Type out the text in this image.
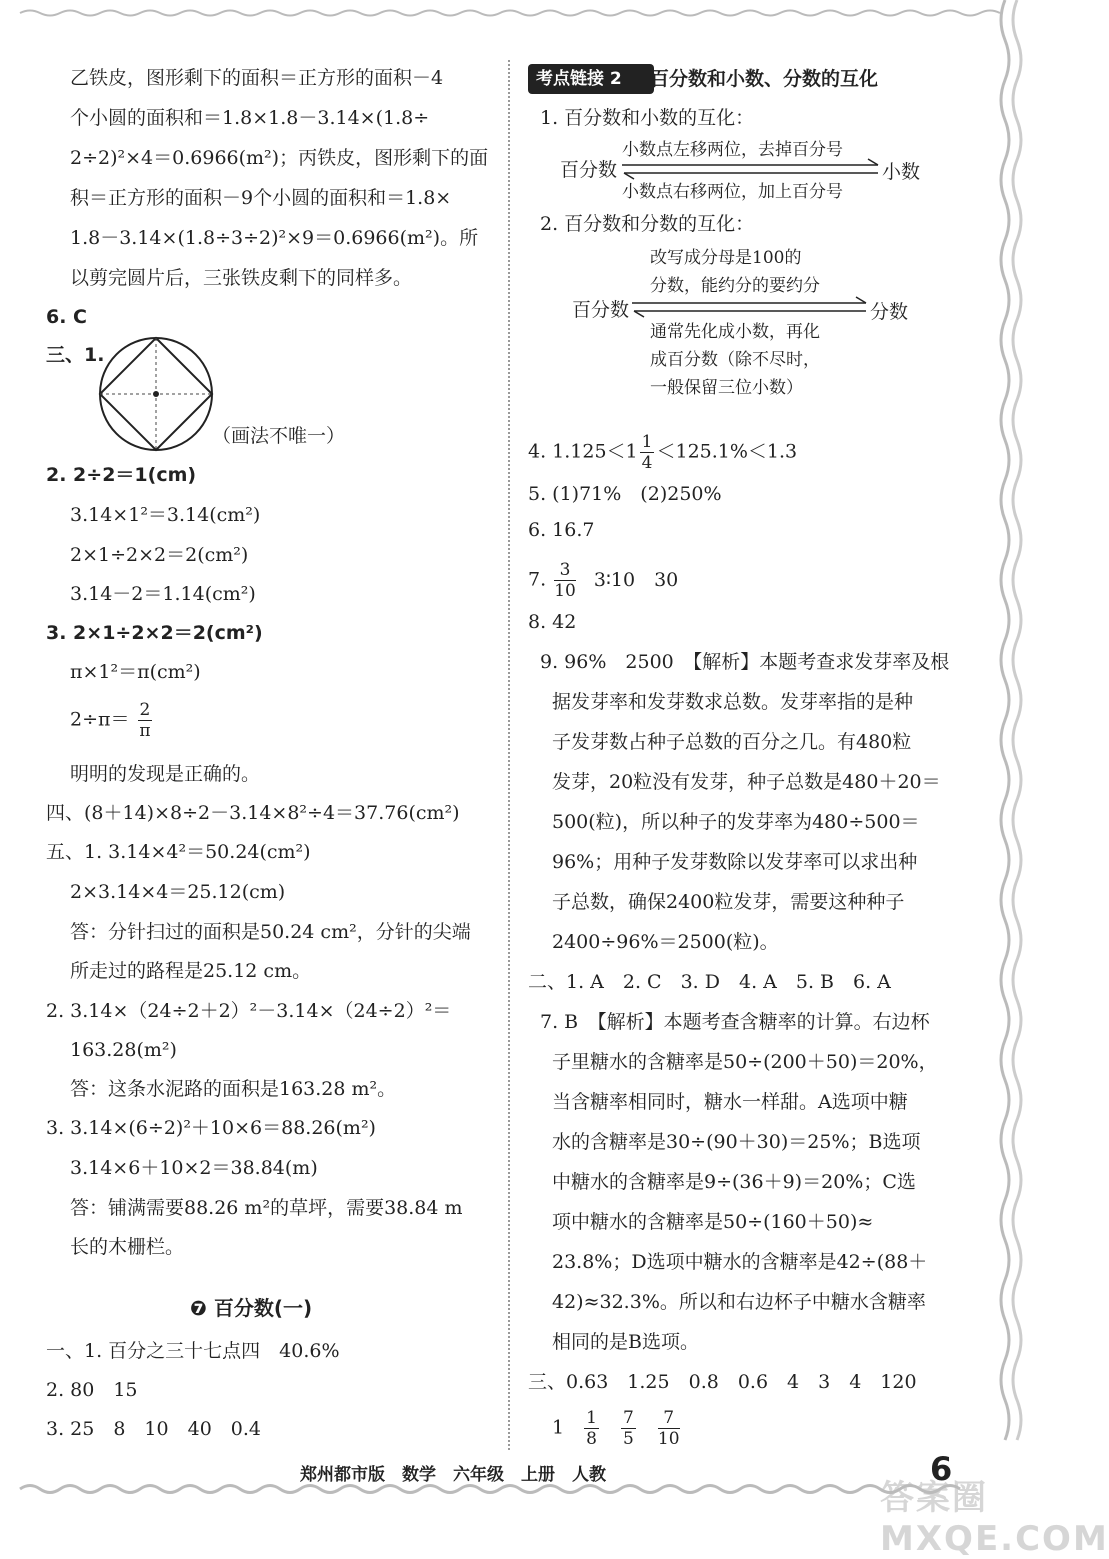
乙铁皮，图形剩下的面积＝正方形的面积－4
个小圆的面积和＝1.8×1.8－3.14×(1.8÷
2÷2)²×4＝0.6966(m²)；丙铁皮，图形剩下的面
积＝正方形的面积－9个小圆的面积和＝1.8×
1.8－3.14×(1.8÷3÷2)²×9＝0.6966(m²)。所
以剪完圆片后，三张铁皮剩下的同样多。
6. C
三、1.
（画法不唯一）
2. 2÷2＝1(cm)
3.14×1²＝3.14(cm²)
2×1÷2×2＝2(cm²)
3.14－2＝1.14(cm²)
3. 2×1÷2×2＝2(cm²)
π×1²＝π(cm²)
$2\div\pi= \frac{2}{\pi}$
明明的发现是正确的。
四、(8＋14)×8÷2－3.14×8²÷4＝37.76(cm²)
五、1. 3.14×4²＝50.24(cm²)
2×3.14×4＝25.12(cm)
答：分针扫过的面积是50.24 cm²，分针的尖端
所走过的路程是25.12 cm。
2. 3.14×（24÷2＋2）²－3.14×（24÷2）²＝
163.28(m²)
答：这条水泥路的面积是163.28 m²。
3. 3.14×(6÷2)²＋10×6＝88.26(m²)
3.14×6＋10×2＝38.84(m)
答：铺满需要88.26 m²的草坪，需要38.84 m
长的木栅栏。
❼ 百分数(一)
一、1. 百分之三十七点四　40.6%
2. 80　15
3. 25　8　10　40　0.4
考点链接 2	百分数和小数、分数的互化
1. 百分数和小数的互化：
百分数
小数点左移两位，去掉百分号
小数点右移两位，加上百分号
小数
2. 百分数和分数的互化：
改写成分母是100的
分数，能约分的要约分
百分数	分数
通常先化成小数，再化
成百分数（除不尽时，
一般保留三位小数）
4. $1.125<1 \frac{1}{4} <125.1\%<1.3$
5. (1)71%　(2)250%
6. 16.7
7. $\frac{3}{10}$ 3∶10　30
8. 42
9. 96%　2500　【解析】本题考查求发芽率及根
据发芽率和发芽数求总数。发芽率指的是种
子发芽数占种子总数的百分之几。有480粒
发芽，20粒没有发芽，种子总数是480＋20＝
500(粒)，所以种子的发芽率为480÷500＝
96%；用种子发芽数除以发芽率可以求出种
子总数，确保2400粒发芽，需要这种种子
2400÷96%＝2500(粒)。
二、1. A　2. C　3. D　4. A　5. B　6. A
7. B　【解析】本题考查含糖率的计算。右边杯
子里糖水的含糖率是50÷(200＋50)＝20%，
当含糖率相同时，糖水一样甜。A选项中糖
水的含糖率是30÷(90＋30)＝25%；B选项
中糖水的含糖率是9÷(36＋9)＝20%；C选
项中糖水的含糖率是50÷(160＋50)≈
23.8%；D选项中糖水的含糖率是42÷(88＋
42)≈32.3%。所以和右边杯子中糖水含糖率
相同的是B选项。
三、0.63　1.25　0.8　0.6　4　3　4　120
$1 \frac{1}{8}$
$\frac{7}{5}$
$\frac{7}{10}$
郑州都市版　数学　六年级　上册　人教
答案圈 MXQE.COM
6
